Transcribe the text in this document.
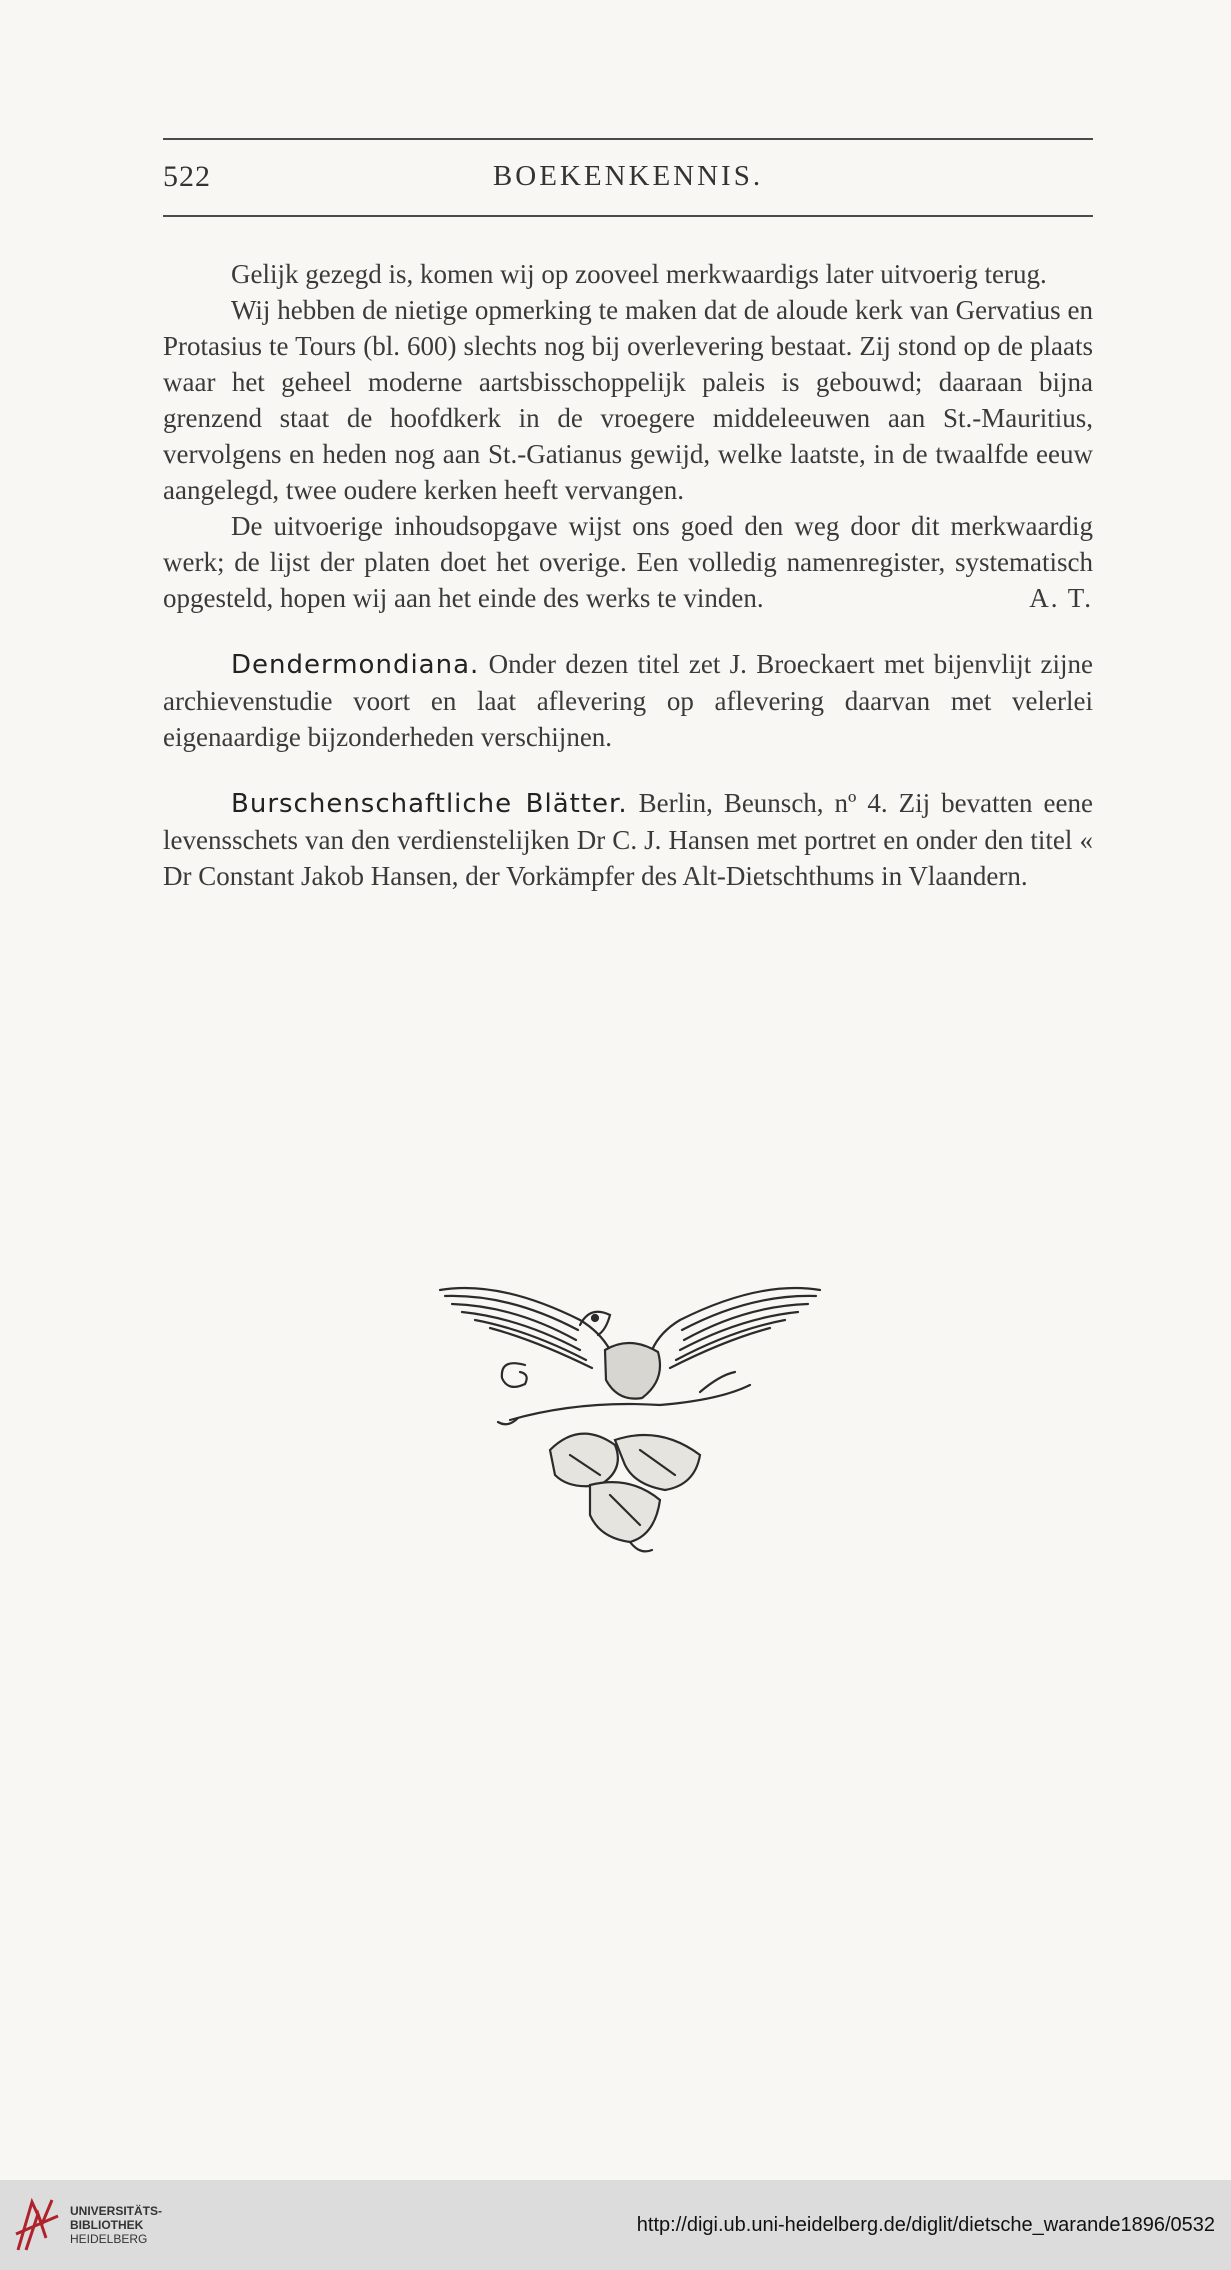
522	BOEKENKENNIS.

Gelijk gezegd is, komen wij op zooveel merkwaardigs later uitvoerig terug.

Wij hebben de nietige opmerking te maken dat de aloude kerk van Gervatius en Protasius te Tours (bl. 600) slechts nog bij overlevering bestaat. Zij stond op de plaats waar het geheel moderne aartsbisschoppelijk paleis is gebouwd; daaraan bijna grenzend staat de hoofdkerk in de vroegere middeleeuwen aan St.-Mauritius, vervolgens en heden nog aan St.-Gatianus gewijd, welke laatste, in de twaalfde eeuw aangelegd, twee oudere kerken heeft vervangen.

De uitvoerige inhoudsopgave wijst ons goed den weg door dit merkwaardig werk; de lijst der platen doet het overige. Een volledig namenregister, systematisch opgesteld, hopen wij aan het einde des werks te vinden.	A. T.

Dendermondiana. Onder dezen titel zet J. Broeckaert met bijenvlijt zijne archievenstudie voort en laat aflevering op aflevering daarvan met velerlei eigenaardige bijzonderheden verschijnen.

Burschenschaftliche Blätter. Berlin, Beunsch, nº 4. Zij bevatten eene levensschets van den verdienstelijken Dr C. J. Hansen met portret en onder den titel « Dr Constant Jakob Hansen, der Vorkämpfer des Alt-Dietschthums in Vlaandern.

UNIVERSITÄTS-
BIBLIOTHEK
HEIDELBERG
http://digi.ub.uni-heidelberg.de/diglit/dietsche_warande1896/0532
